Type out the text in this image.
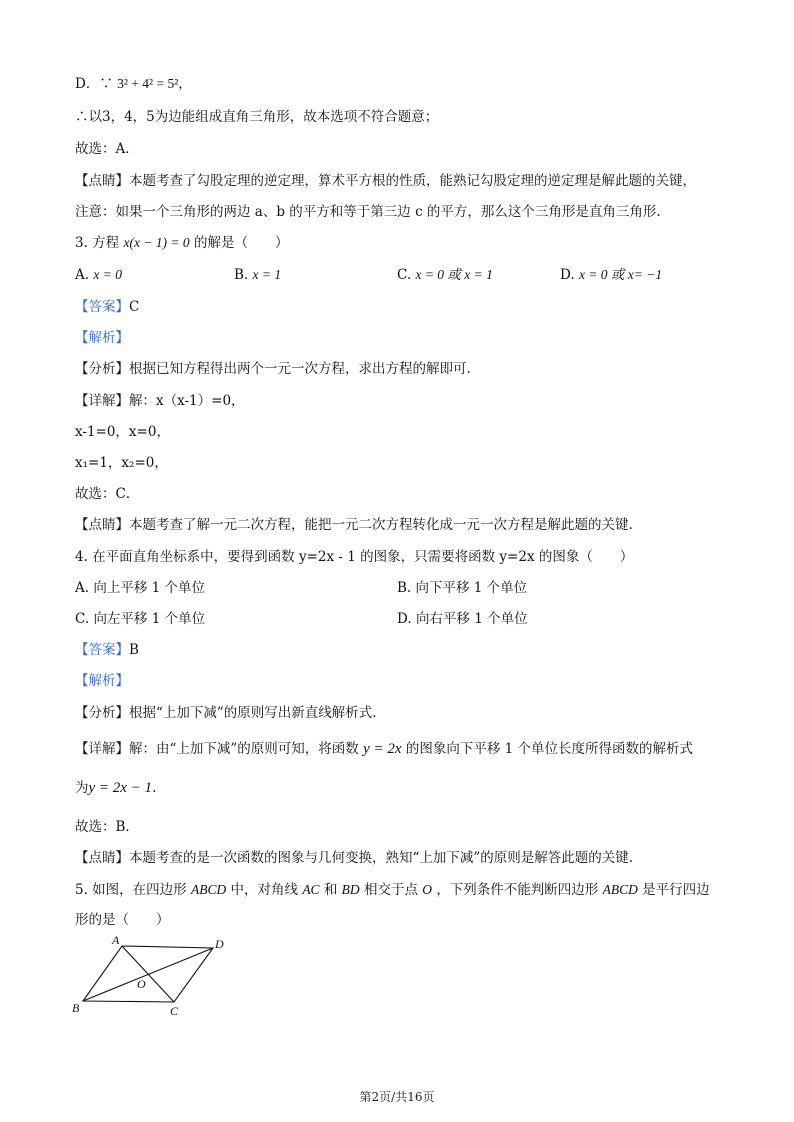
D．∵ 3² + 4² = 5²，
∴以3，4，5为边能组成直角三角形，故本选项不符合题意；
故选：A．
【点睛】本题考查了勾股定理的逆定理，算术平方根的性质，能熟记勾股定理的逆定理是解此题的关键，
注意：如果一个三角形的两边 a、b 的平方和等于第三边 c 的平方，那么这个三角形是直角三角形.
3. 方程 x(x − 1) = 0 的解是（　　）
A. x = 0	B. x = 1	C. x = 0 或 x = 1	D. x = 0 或 x= −1
【答案】C
【解析】
【分析】根据已知方程得出两个一元一次方程，求出方程的解即可.
【详解】解：x（x-1）=0，
x-1=0，x=0，
x₁=1，x₂=0，
故选：C．
【点睛】本题考查了解一元二次方程，能把一元二次方程转化成一元一次方程是解此题的关键.
4. 在平面直角坐标系中，要得到函数 y=2x - 1 的图象，只需要将函数 y=2x 的图象（　　）
A. 向上平移 1 个单位	B. 向下平移 1 个单位
C. 向左平移 1 个单位	D. 向右平移 1 个单位
【答案】B
【解析】
【分析】根据“上加下减”的原则写出新直线解析式.
【详解】解：由“上加下减”的原则可知，将函数 y = 2x 的图象向下平移 1 个单位长度所得函数的解析式
为y = 2x − 1.
故选：B．
【点睛】本题考查的是一次函数的图象与几何变换，熟知“上加下减”的原则是解答此题的关键.
5. 如图，在四边形 ABCD 中，对角线 AC 和 BD 相交于点 O ，下列条件不能判断四边形 ABCD 是平行四边
形的是（　　）
A	D
B	C
O
第2页/共16页
